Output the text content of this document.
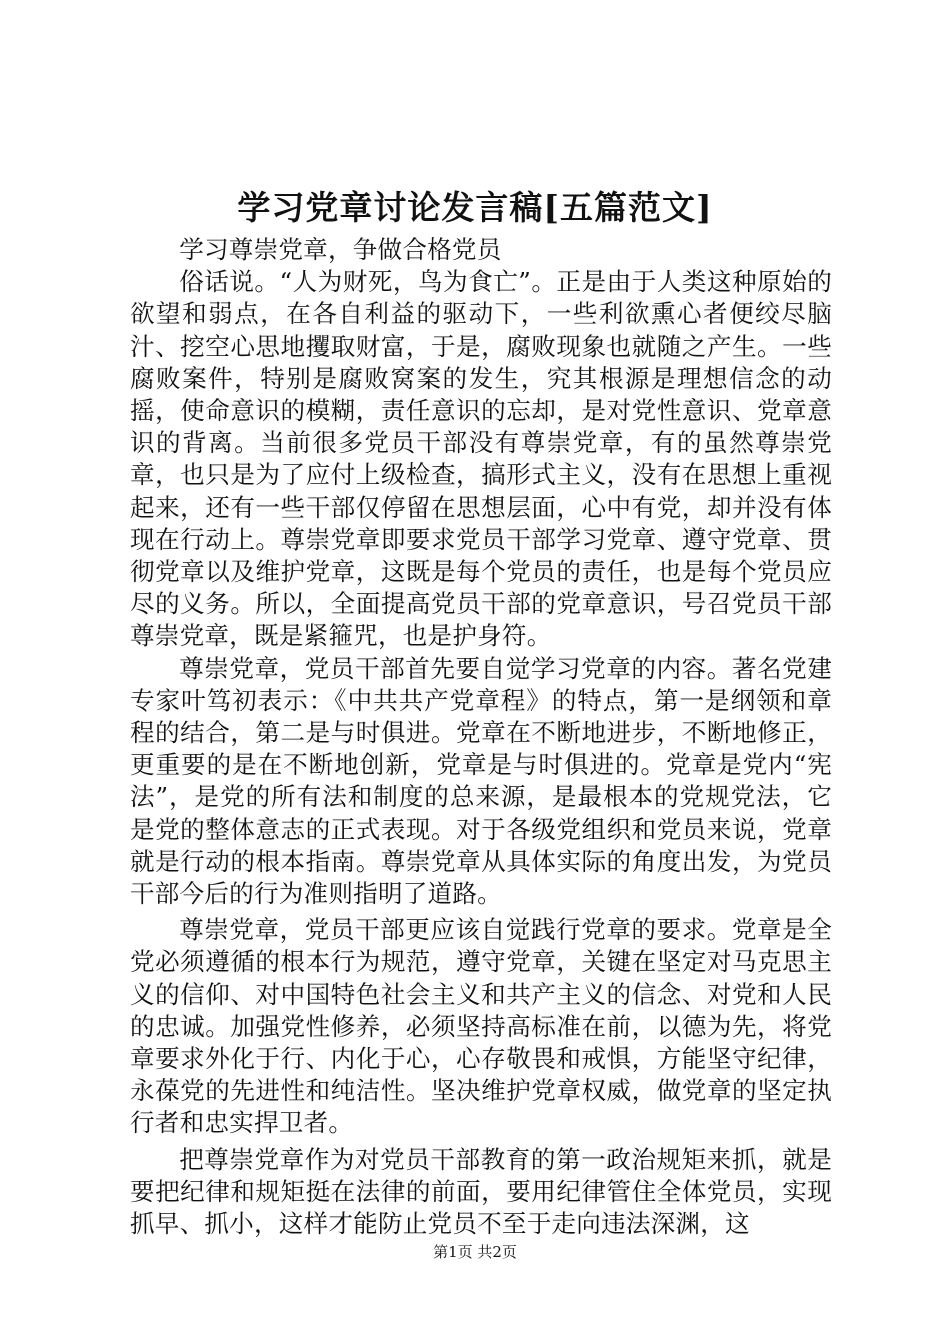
学习党章讨论发言稿[五篇范文]

学习尊崇党章，争做合格党员

俗话说。“人为财死，鸟为食亡”。正是由于人类这种原始的欲望和弱点，在各自利益的驱动下，一些利欲熏心者便绞尽脑汁、挖空心思地攫取财富，于是，腐败现象也就随之产生。一些腐败案件，特别是腐败窝案的发生，究其根源是理想信念的动摇，使命意识的模糊，责任意识的忘却，是对党性意识、党章意识的背离。当前很多党员干部没有尊崇党章，有的虽然尊崇党章，也只是为了应付上级检查，搞形式主义，没有在思想上重视起来，还有一些干部仅停留在思想层面，心中有党，却并没有体现在行动上。尊崇党章即要求党员干部学习党章、遵守党章、贯彻党章以及维护党章，这既是每个党员的责任，也是每个党员应尽的义务。所以，全面提高党员干部的党章意识，号召党员干部尊崇党章，既是紧箍咒，也是护身符。

尊崇党章，党员干部首先要自觉学习党章的内容。著名党建专家叶笃初表示：《中共共产党章程》的特点，第一是纲领和章程的结合，第二是与时俱进。党章在不断地进步，不断地修正，更重要的是在不断地创新，党章是与时俱进的。党章是党内“宪法”，是党的所有法和制度的总来源，是最根本的党规党法，它是党的整体意志的正式表现。对于各级党组织和党员来说，党章就是行动的根本指南。尊崇党章从具体实际的角度出发，为党员干部今后的行为准则指明了道路。

尊崇党章，党员干部更应该自觉践行党章的要求。党章是全党必须遵循的根本行为规范，遵守党章，关键在坚定对马克思主义的信仰、对中国特色社会主义和共产主义的信念、对党和人民的忠诚。加强党性修养，必须坚持高标准在前，以德为先，将党章要求外化于行、内化于心，心存敬畏和戒惧，方能坚守纪律，永葆党的先进性和纯洁性。坚决维护党章权威，做党章的坚定执行者和忠实捍卫者。

把尊崇党章作为对党员干部教育的第一政治规矩来抓，就是要把纪律和规矩挺在法律的前面，要用纪律管住全体党员，实现抓早、抓小，这样才能防止党员不至于走向违法深渊，这

第1页 共2页
